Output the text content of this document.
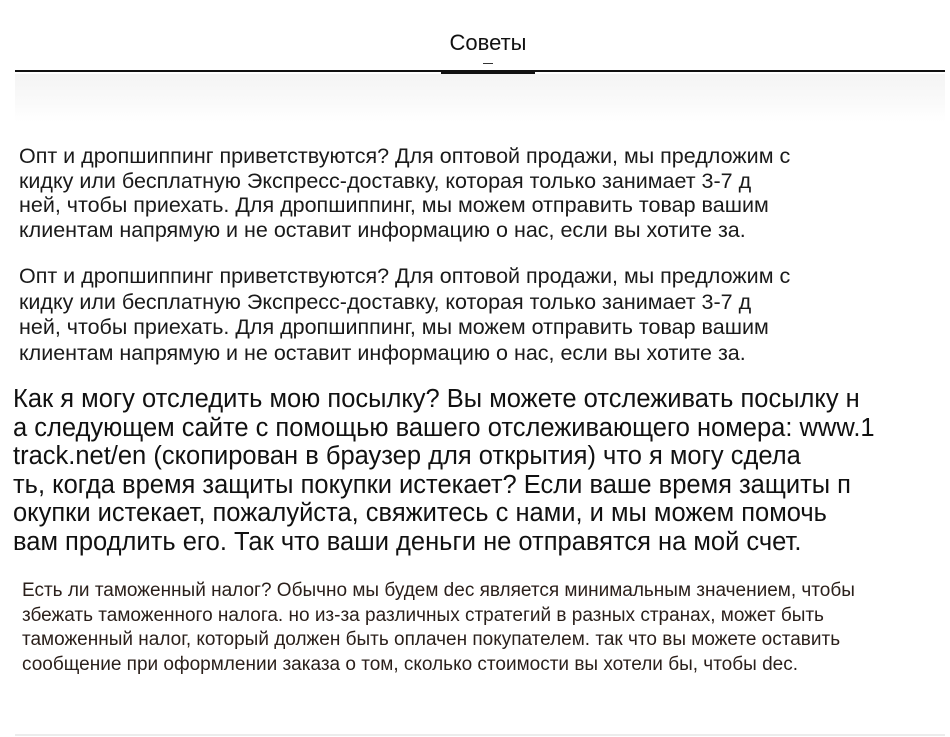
Советы

Опт и дропшиппинг приветствуются? Для оптовой продажи, мы предложим с
кидку или бесплатную Экспресс-доставку, которая только занимает 3-7 д
ней, чтобы приехать. Для дропшиппинг, мы можем отправить товар вашим
клиентам напрямую и не оставит информацию о нас, если вы хотите за.

Опт и дропшиппинг приветствуются? Для оптовой продажи, мы предложим с
кидку или бесплатную Экспресс-доставку, которая только занимает 3-7 д
ней, чтобы приехать. Для дропшиппинг, мы можем отправить товар вашим
клиентам напрямую и не оставит информацию о нас, если вы хотите за.

Как я могу отследить мою посылку? Вы можете отслеживать посылку н
а следующем сайте с помощью вашего отслеживающего номера: www.1
track.net/en (скопирован в браузер для открытия) что я могу сдела
ть, когда время защиты покупки истекает? Если ваше время защиты п
окупки истекает, пожалуйста, свяжитесь с нами, и мы можем помочь
вам продлить его. Так что ваши деньги не отправятся на мой счет.

Есть ли таможенный налог? Обычно мы будем dec является минимальным значением, чтобы
збежать таможенного налога. но из-за различных стратегий в разных странах, может быть
таможенный налог, который должен быть оплачен покупателем. так что вы можете оставить
сообщение при оформлении заказа о том, сколько стоимости вы хотели бы, чтобы dec.
